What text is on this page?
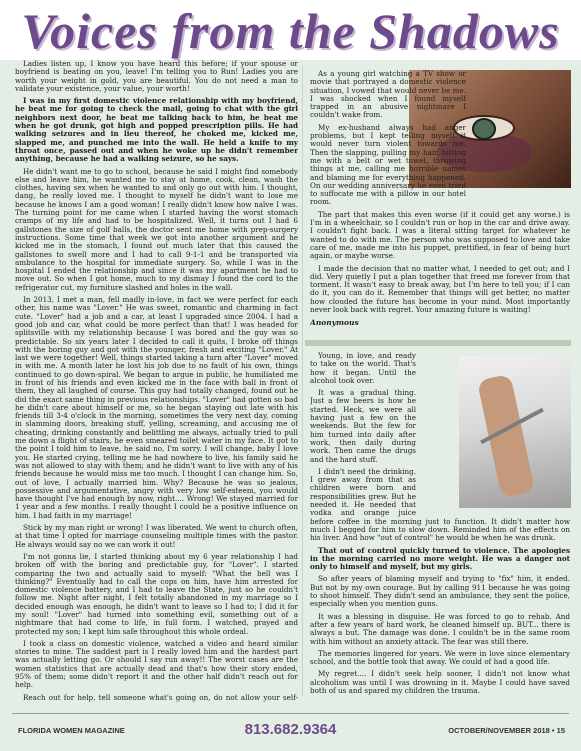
Voices from the Shadows

Ladies listen up, I know you have heard this before; if your spouse or boyfriend is beating on you, leave! I'm telling you to Run! Ladies you are worth your weight in gold, you are beautiful. You do not need a man to validate your existence, your value, your worth!

I was in my first domestic violence relationship with my boyfriend, he beat me for going to check the mail, going to chat with the girl neighbors next door, he beat me talking back to him, he beat me when he got drunk, got high and popped prescription pills. He had walking seizures and in lieu thereof, he choked me, kicked me, slapped me, and punched me into the wall. He held a knife to my throat once, passed out and when he woke up he didn't remember anything, because he had a walking seizure, so he says.

He didn't want me to go to school, because he said I might find somebody else and leave him, he wanted me to stay at home, cook, clean, wash the clothes, having sex when he wanted to and only go out with him. I thought, dang, he really loved me. I thought to myself he didn't want to lose me because he knows I am a good woman! I really didn't know how naïve I was. The turning point for me came when I started having the worst stomach cramps of my life and had to be hospitalized. Well, it turns out I had 6 gallstones the size of golf balls, the doctor sent me home with prep-surgery instructions. Some time that week we got into another argument and he kicked me in the stomach, I found out much later that this caused the gallstones to swell more and I had to call 9-1-1 and be transported via ambulance to the hospital for immediate surgery. So, while I was in the hospital I ended the relationship and since it was my apartment he had to move out. So when I got home, much to my dismay I found the cord to the refrigerator cut, my furniture slashed and holes in the wall.

In 2013, I met a man, fell madly in-love, in fact we were perfect for each other, his name was "Lover." He was sweet, romantic and charming in fact cute. "Lover" had a job and a car, at least I upgraded since 2004. I had a good job and car, what could be more perfect than that! I was headed for splitsville with my relationship because I was bored and the guy was so predictable. So six years later I decided to call it quits, I broke off things with the boring guy and got with the younger, fresh and exciting "Lover." At last we were together! Well, things started taking a turn after "Lover" moved in with me. A month later he lost his job due to no fault of his own, things continued to go down-spiral. We began to argue in public, he humiliated me in front of his friends and even kicked me in the face with ball in front of them, they all laughed of course. This guy had totally changed, found out he did the exact same thing in previous relationships. "Lover" had gotten so bad he didn't care about himself or me, so he began staying out late with his friends till 3-4 o'clock in the morning, sometimes the very next day, coming in slamming doors, breaking stuff, yelling, screaming, and accusing me of cheating, drinking constantly and belittling me always, actually tried to pull me down a flight of stairs, he even smeared toilet water in my face. It got to the point I told him to leave, he said no, I'm sorry. I will change, baby I love you. He started crying, telling me he had nowhere to live, his family said he was not allowed to stay with them; and he didn't want to live with any of his friends because he would miss me too much. I thought I can change him. So, out of love, I actually married him. Why? Because he was so jealous, possessive and argumentative, angry with very low self-esteem, you would have thought I've had enough by now, right.... Wrong! We stayed married for 1 year and a few months. I really thought I could be a positive influence on him. I had faith in my marriage!

Stick by my man right or wrong! I was liberated. We went to church often, at that time I opted for marriage counseling multiple times with the pastor. He always would say no we can work it out!

I'm not gonna lie, I started thinking about my 6 year relationship I had broken off with the boring and predictable guy, for "Lover". I started comparing the two and actually said to myself: "What the hell was I thinking?" Eventually had to call the cops on him, have him arrested for domestic violence battery, and I had to leave the State, just so he couldn't follow me. Night after night, I felt totally abandoned in my marriage so I decided enough was enough, he didn't want to leave so I had to; I did it for my soul! "Lover" had turned into something evil, something out of a nightmare that had come to life, in full form. I watched, prayed and protected my son; I kept him safe throughout this whole ordeal.

I took a class on domestic violence, watched a video and heard similar stories to mine. The saddest part is I really loved him and the hardest part was actually letting go. Or should I say run away!! The worst cases are the women statistics that are actually dead and that's how their story ended, 95% of them; some didn't report it and the other half didn't reach out for help.

Reach out for help, tell someone what's going on, do not allow your self-

As a young girl watching a TV show or movie that portrayed a domestic violence situation, I vowed that would never be me. I was shocked when I found myself trapped in an abusive nightmare I couldn't wake from.

My ex-husband always had anger problems, but I kept telling myself it would never turn violent towards me. Then the slapping, pulling my hair, hitting me with a belt or wet towel, throwing things at me, calling me horrible names and blaming me for everything happened. On our wedding anniversary he even tried to suffocate me with a pillow in our hotel room.

The part that makes this even worse (if it could get any worse.) is I'm in a wheelchair, so I couldn't run or hop in the car and drive away. I couldn't fight back. I was a literal sitting target for whatever he wanted to do with me. The person who was supposed to love and take care of me, made me into his puppet, prettified, in fear of being hurt again, or maybe worse.

I made the decision that no matter what, I needed to get out; and I did. Very quietly I put a plan together that freed me forever from that torment. It wasn't easy to break away, but I'm here to tell you; if I can do it, you can do it. Remember that things will get better, no matter how clouded the future has become in your mind. Most importantly never look back with regret. Your amazing future is waiting!

Anonymous

Young, in love, and ready to take on the world. That's how it began. Until the alcohol took over.

It was a gradual thing. Just a few beers is how he started. Heck, we were all having just a few on the weekends. But the few for him turned into daily after work, then daily during work. Then came the drugs and the hard stuff.

I didn't need the drinking. I grew away from that as children were born and responsibilities grew. But he needed it. He needed that vodka and orange juice before coffee in the morning just to function. It didn't matter how much I begged for him to slow down. Reminded him of the effects on his liver. And how "out of control" he would be when he was drunk.

That out of control quickly turned to violence. The apologies in the morning carried no more weight. He was a danger not only to himself and myself, but my girls.

So after years of blaming myself and trying to "fix" him, it ended. But not by my own courage. But by calling 911 because he was going to shoot himself. They didn't send an ambulance, they sent the police, especially when you mention guns.

It was a blessing in disguise. He was forced to go to rehab. And after a few years of hard work, he cleaned himself up. BUT... there is always a but. The damage was done. I couldn't be in the same room with him without an anxiety attack. The fear was still there.

The memories lingered for years. We were in love since elementary school, and the bottle took that away. We could of had a good life.

My regret.... I didn't seek help sooner, I didn't not know what alcoholism was until I was drowning in it. Maybe I could have saved both of us and spared my children the trauma.

FLORIDA WOMEN MAGAZINE	813.682.9364	OCTOBER/NOVEMBER 2018 • 15
